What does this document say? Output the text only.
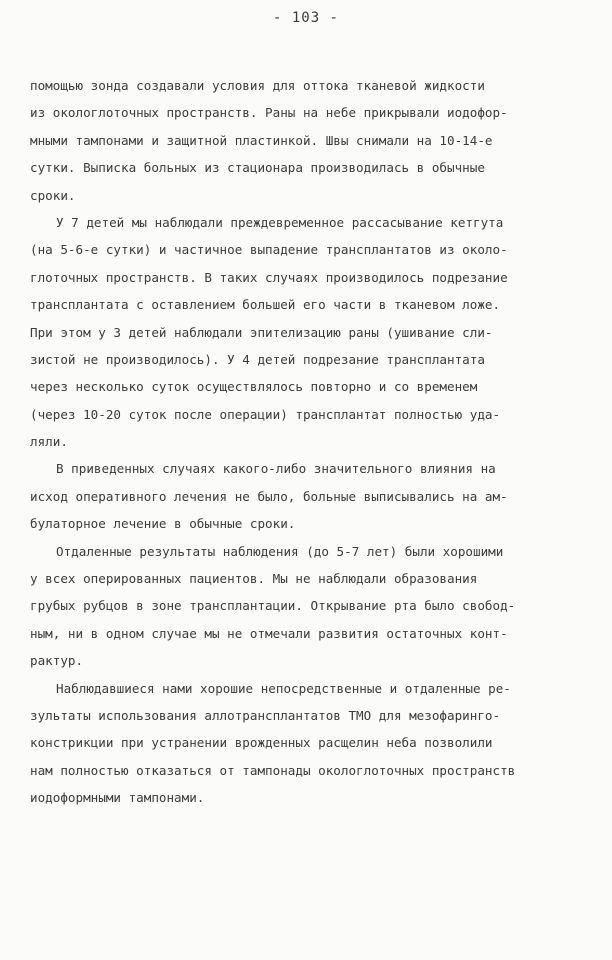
- 103 -
помощью зонда создавали условия для оттока тканевой жидкости
из окологлоточных пространств. Раны на небе прикрывали иодофор-
мными тампонами и защитной пластинкой. Швы снимали на 10-14-е
сутки. Выписка больных из стационара производилась в обычные
сроки.
У 7 детей мы наблюдали преждевременное рассасывание кетгута
(на 5-6-е сутки) и частичное выпадение трансплантатов из околo-
глоточных пространств. В таких случаях производилось подрезание
трансплантата с оставлением большей его части в тканевом ложе.
При этом у 3 детей наблюдали эпителизацию раны (ушивание сли-
зистой не производилось). У 4 детей подрезание трансплантата
через несколько суток осуществлялось повторно и со временем
(через 10-20 суток после операции) трансплантат полностью уда-
ляли.
В приведенных случаях какого-либо значительного влияния на
исход оперативного лечения не было, больные выписывались на ам-
булаторное лечение в обычные сроки.
Отдаленные результаты наблюдения (до 5-7 лет) были хорошими
у всех оперированных пациентов. Мы не наблюдали образования
грубых рубцов в зоне трансплантации. Открывание рта было свобод-
ным, ни в одном случае мы не отмечали развития остаточных конт-
рактур.
Наблюдавшиеся нами хорошие непосредственные и отдаленные ре-
зультаты использования аллотрансплантатов ТМО для мезофаринго-
констрикции при устранении врожденных расщелин неба позволили
нам полностью отказаться от тампонады окологлоточных пространств
иодоформными тампонами.
